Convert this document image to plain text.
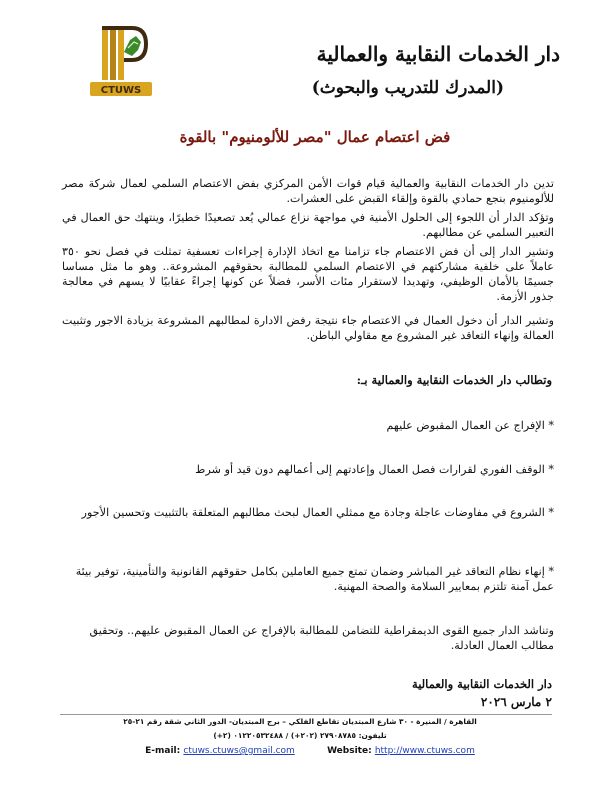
CTUWS
دار الخدمات النقابية والعمالية
(المدرك للتدريب والبحوث)
فض اعتصام عمال "مصر للألومنيوم" بالقوة
تدين دار الخدمات النقابية والعمالية قيام قوات الأمن المركزي بفض الاعتصام السلمي لعمال شركة مصر للألومنيوم بنجع حمادي بالقوة وإلقاء القبض على العشرات.
وتؤكد الدار أن اللجوء إلى الحلول الأمنية في مواجهة نزاع عمالي يُعد تصعيدًا خطيرًا، وينتهك حق العمال في التعبير السلمي عن مطالبهم.
وتشير الدار إلى أن فض الاعتصام جاء تزامنا مع اتخاذ الإدارة إجراءات تعسفية تمثلت في فصل نحو ٣٥٠ عاملاً على خلفية مشاركتهم في الاعتصام السلمي للمطالبة بحقوقهم المشروعة.. وهو ما مثل مساسا جسيمًا بالأمان الوظيفي، وتهديدا لاستقرار مئات الأسر، فضلاً عن كونها إجراءً عقابيًا لا يسهم في معالجة جذور الأزمة.
وتشير الدار أن دخول العمال في الاعتصام جاء نتيجة رفض الادارة لمطالبهم المشروعة بزيادة الاجور وتثبيت العمالة وإنهاء التعاقد غير المشروع مع مقاولي الباطن.
وتطالب دار الخدمات النقابية والعمالية بـ:
* الإفراج عن العمال المقبوض عليهم
* الوقف الفوري لقرارات فصل العمال وإعادتهم إلى أعمالهم دون قيد أو شرط
* الشروع في مفاوضات عاجلة وجادة مع ممثلي العمال لبحث مطالبهم المتعلقة بالتثبيت وتحسين الأجور
* إنهاء نظام التعاقد غير المباشر وضمان تمتع جميع العاملين بكامل حقوقهم القانونية والتأمينية، توفير بيئة عمل آمنة تلتزم بمعايير السلامة والصحة المهنية.
وتناشد الدار جميع القوى الديمقراطية للتضامن للمطالبة بالإفراج عن العمال المقبوض عليهم.. وتحقيق مطالب العمال العادلة.
دار الخدمات النقابية والعمالية
٢ مارس ٢٠٢٦
القاهرة / المنيرة - ٣٠ شارع المبتديان تقاطع الفلكي – برج المبتديان- الدور الثاني شقة رقم ٢١-٢٥
تليفون: ٢٧٩٠٨٧٨٥ (٢٠٢+) / ٠١٢٢٠٥٣٢٤٨٨ (٢+)
E-mail: ctuws.ctuws@gmail.com	Website: http://www.ctuws.com
